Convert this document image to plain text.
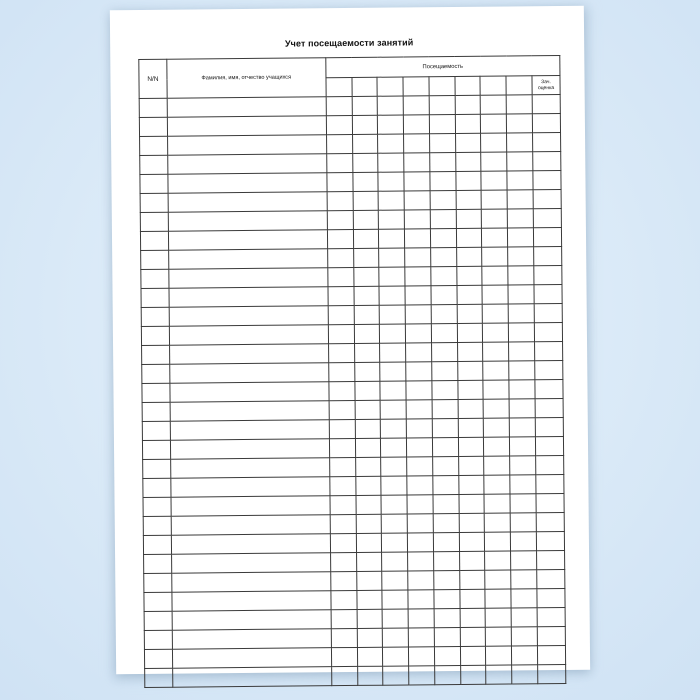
Учет посещаемости занятий
N/N	Фамилия, имя, отчество учащихся	Посещаемость								
										Зач.
оценка
